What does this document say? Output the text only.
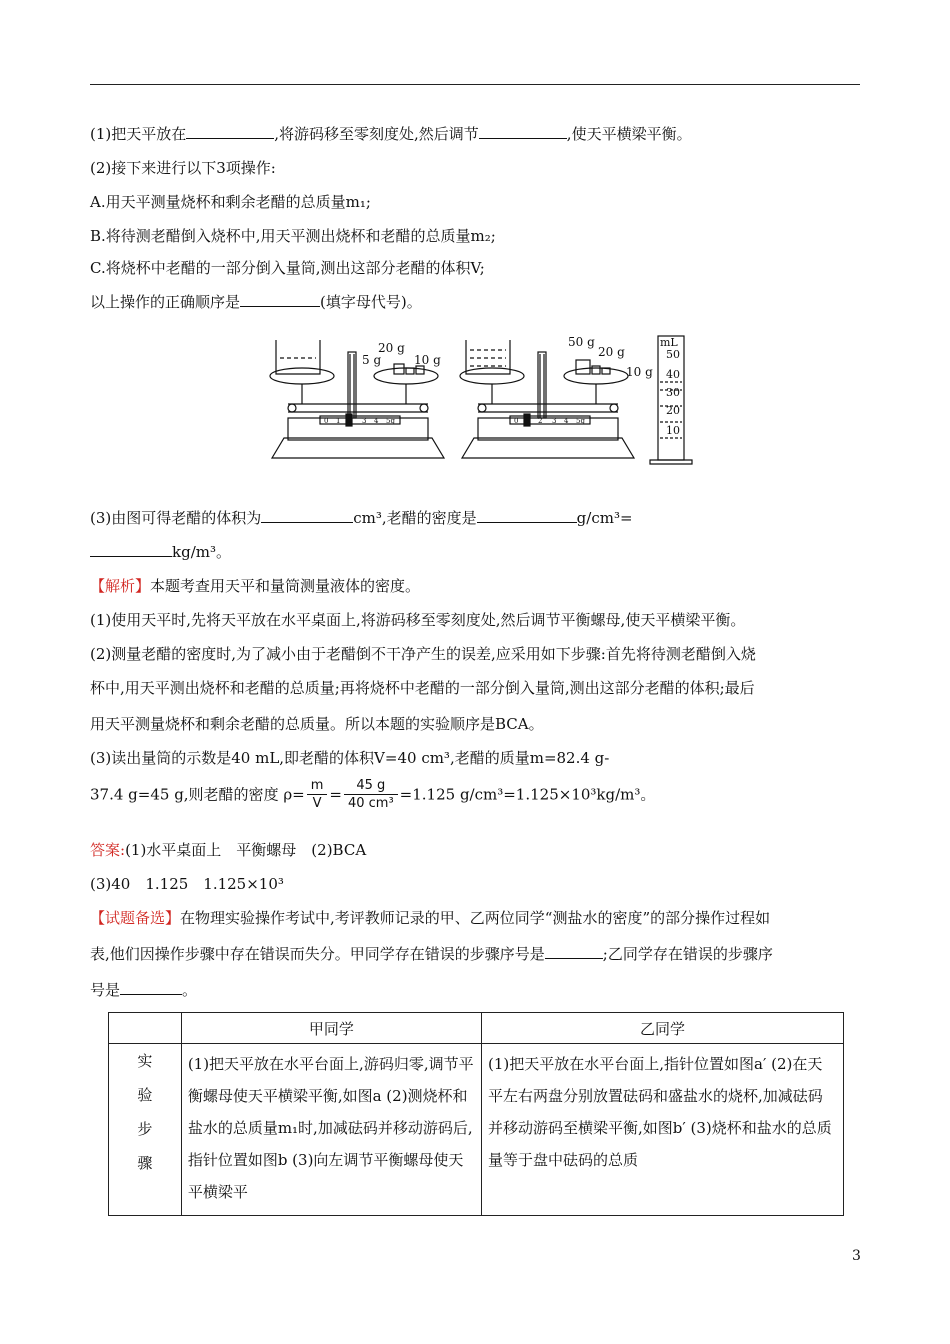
(1)把天平放在	,将游码移至零刻度处,然后调节	,使天平横梁平衡。
(2)接下来进行以下3项操作:
A.用天平测量烧杯和剩余老醋的总质量m₁;
B.将待测老醋倒入烧杯中,用天平测出烧杯和老醋的总质量m₂;
C.将烧杯中老醋的一部分倒入量筒,测出这部分老醋的体积V;
以上操作的正确顺序是	(填字母代号)。
20 g
5 g	10 g
50 g
20 g
10 g
0 1 2 3 4 5g	0 1 2 3 4 5g
mL
50
40
30
20
10
(3)由图可得老醋的体积为	cm³,老醋的密度是	g/cm³=
kg/m³。
【解析】本题考查用天平和量筒测量液体的密度。
(1)使用天平时,先将天平放在水平桌面上,将游码移至零刻度处,然后调节平衡螺母,使天平横梁平衡。
(2)测量老醋的密度时,为了减小由于老醋倒不干净产生的误差,应采用如下步骤:首先将待测老醋倒入烧
杯中,用天平测出烧杯和老醋的总质量;再将烧杯中老醋的一部分倒入量筒,测出这部分老醋的体积;最后
用天平测量烧杯和剩余老醋的总质量。所以本题的实验顺序是BCA。
(3)读出量筒的示数是40 mL,即老醋的体积V=40 cm³,老醋的质量m=82.4 g-
37.4 g=45 g,则老醋的密度 $\rho= \frac{m}{V} = \frac{45 g}{\text{40 cm³}} =1.125$ g/cm³=1.125×10³kg/m³。
答案:(1)水平桌面上　平衡螺母　(2)BCA
(3)40　1.125　1.125×10³
【试题备选】在物理实验操作考试中,考评教师记录的甲、乙两位同学“测盐水的密度”的部分操作过程如
表,他们因操作步骤中存在错误而失分。甲同学存在错误的步骤序号是	;乙同学存在错误的步骤序
号是	。
	甲同学	乙同学

实
验
步
骤	(1)把天平放在水平台面上,游码归零,调节平衡螺母使天平横梁平衡,如图a (2)测烧杯和盐水的总质量m₁时,加减砝码并移动游码后,指针位置如图b (3)向左调节平衡螺母使天平横梁平	(1)把天平放在水平台面上,指针位置如图a′ (2)在天平左右两盘分别放置砝码和盛盐水的烧杯,加减砝码并移动游码至横梁平衡,如图b′ (3)烧杯和盐水的总质量等于盘中砝码的总质
3
